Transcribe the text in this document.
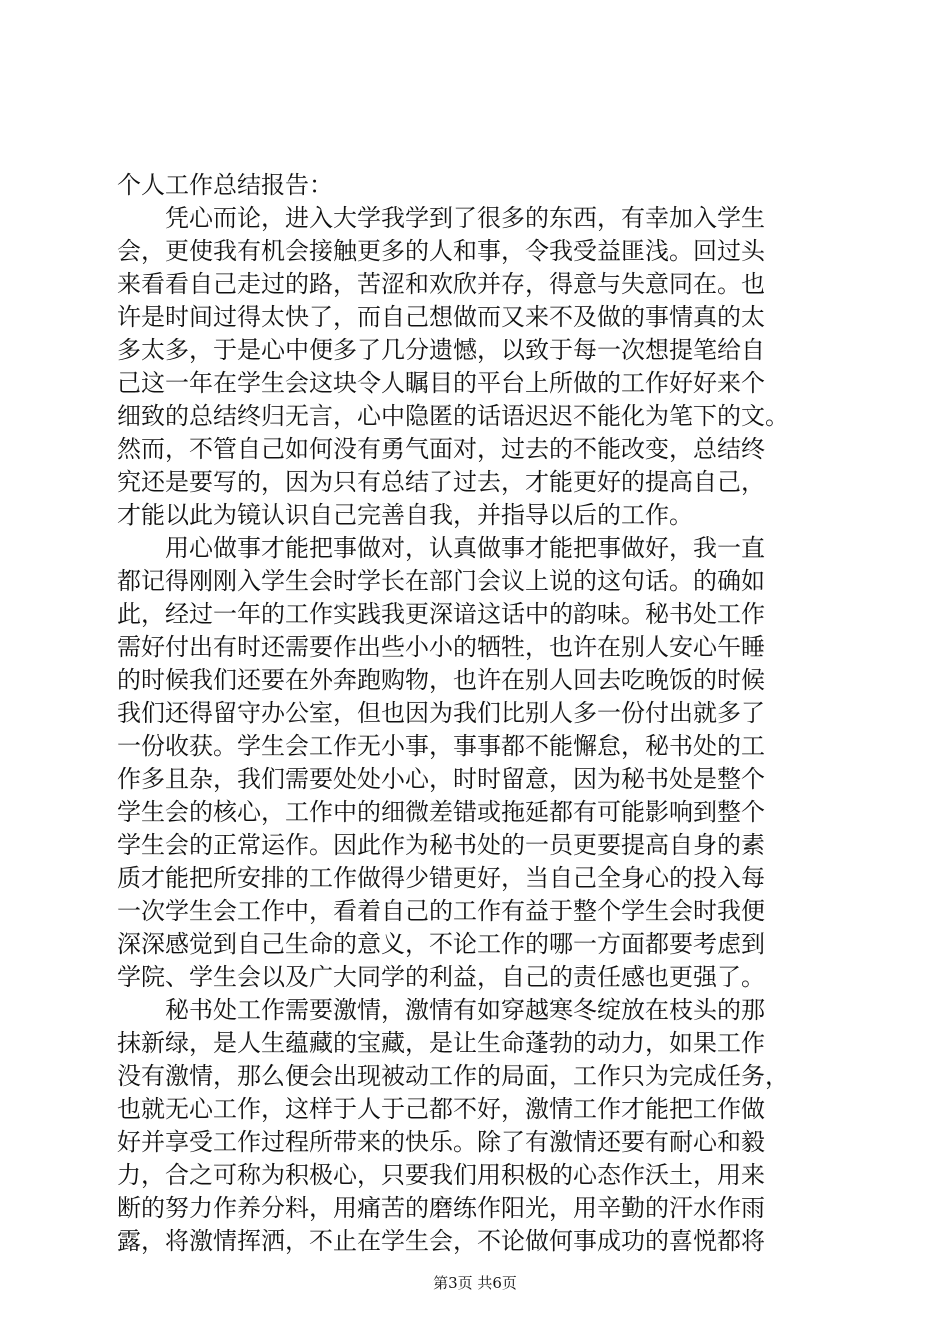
个人工作总结报告：
　　凭心而论，进入大学我学到了很多的东西，有幸加入学生
会，更使我有机会接触更多的人和事，令我受益匪浅。回过头
来看看自己走过的路，苦涩和欢欣并存，得意与失意同在。也
许是时间过得太快了，而自己想做而又来不及做的事情真的太
多太多，于是心中便多了几分遗憾，以致于每一次想提笔给自
己这一年在学生会这块令人瞩目的平台上所做的工作好好来个
细致的总结终归无言，心中隐匿的话语迟迟不能化为笔下的文。
然而，不管自己如何没有勇气面对，过去的不能改变，总结终
究还是要写的，因为只有总结了过去，才能更好的提高自己，
才能以此为镜认识自己完善自我，并指导以后的工作。
　　用心做事才能把事做对，认真做事才能把事做好，我一直
都记得刚刚入学生会时学长在部门会议上说的这句话。的确如
此，经过一年的工作实践我更深谙这话中的韵味。秘书处工作
需好付出有时还需要作出些小小的牺牲，也许在别人安心午睡
的时候我们还要在外奔跑购物，也许在别人回去吃晚饭的时候
我们还得留守办公室，但也因为我们比别人多一份付出就多了
一份收获。学生会工作无小事，事事都不能懈怠，秘书处的工
作多且杂，我们需要处处小心，时时留意，因为秘书处是整个
学生会的核心，工作中的细微差错或拖延都有可能影响到整个
学生会的正常运作。因此作为秘书处的一员更要提高自身的素
质才能把所安排的工作做得少错更好，当自己全身心的投入每
一次学生会工作中，看着自己的工作有益于整个学生会时我便
深深感觉到自己生命的意义，不论工作的哪一方面都要考虑到
学院、学生会以及广大同学的利益，自己的责任感也更强了。
　　秘书处工作需要激情，激情有如穿越寒冬绽放在枝头的那
抹新绿，是人生蕴藏的宝藏，是让生命蓬勃的动力，如果工作
没有激情，那么便会出现被动工作的局面，工作只为完成任务，
也就无心工作，这样于人于己都不好，激情工作才能把工作做
好并享受工作过程所带来的快乐。除了有激情还要有耐心和毅
力，合之可称为积极心，只要我们用积极的心态作沃土，用来
断的努力作养分料，用痛苦的磨练作阳光，用辛勤的汗水作雨
露，将激情挥洒，不止在学生会，不论做何事成功的喜悦都将
第3页 共6页
